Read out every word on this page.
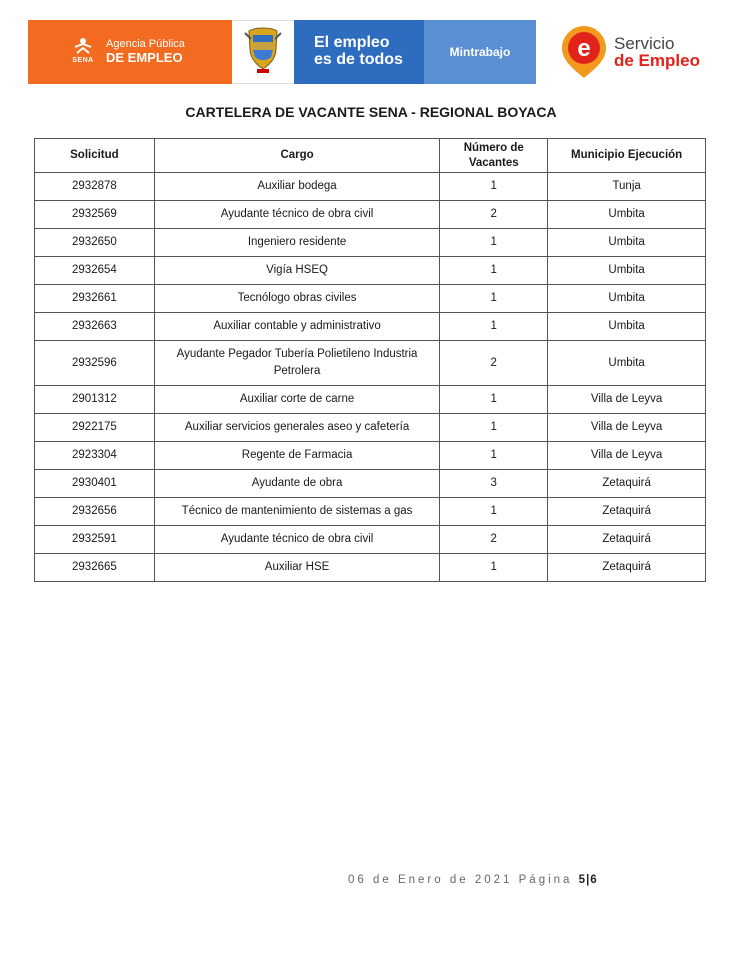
SENA
Agencia Pública
DE EMPLEO
El empleo
es de todos	Mintrabajo	e Servicio
de Empleo
CARTELERA DE VACANTE SENA - REGIONAL BOYACA
Solicitud	Cargo	Número de Vacantes	Municipio Ejecución
2932878	Auxiliar bodega	1	Tunja
2932569	Ayudante técnico de obra civil	2	Umbita
2932650	Ingeniero residente	1	Umbita
2932654	Vigía HSEQ	1	Umbita
2932661	Tecnólogo obras civiles	1	Umbita
2932663	Auxiliar contable y administrativo	1	Umbita
2932596	Ayudante Pegador Tubería Polietileno Industria Petrolera	2	Umbita
2901312	Auxiliar corte de carne	1	Villa de Leyva
2922175	Auxiliar servicios generales aseo y cafetería	1	Villa de Leyva
2923304	Regente de Farmacia	1	Villa de Leyva
2930401	Ayudante de obra	3	Zetaquirá
2932656	Técnico de mantenimiento de sistemas a gas	1	Zetaquirá
2932591	Ayudante técnico de obra civil	2	Zetaquirá
2932665	Auxiliar HSE	1	Zetaquirá
06 de Enero de 2021 Página 5|6
